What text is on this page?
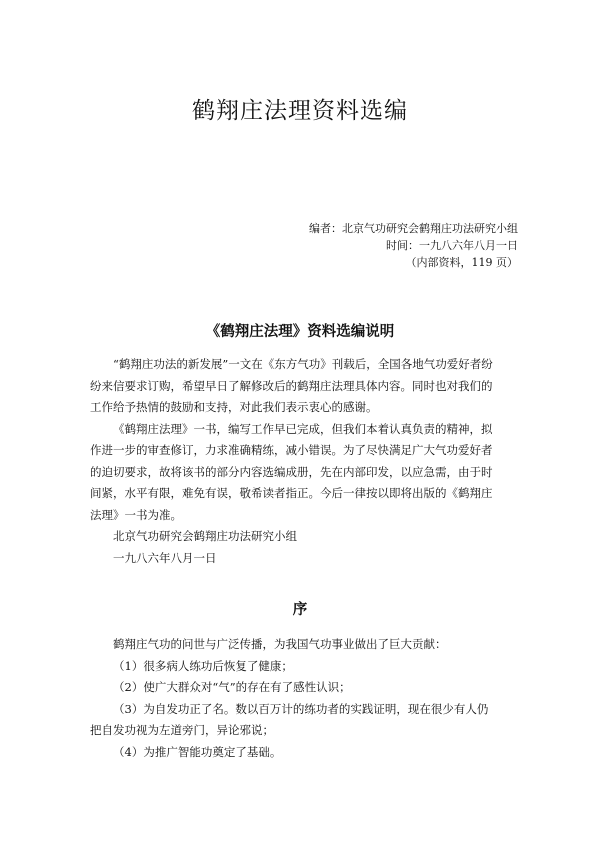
鹤翔庄法理资料选编
编者：北京气功研究会鹤翔庄功法研究小组
时间：一九八六年八月一日
（内部资料，119 页）
《鹤翔庄法理》资料选编说明
“鹤翔庄功法的新发展”一文在《东方气功》刊载后，全国各地气功爱好者纷
纷来信要求订购，希望早日了解修改后的鹤翔庄法理具体内容。同时也对我们的
工作给予热情的鼓励和支持，对此我们表示衷心的感谢。
《鹤翔庄法理》一书，编写工作早已完成，但我们本着认真负责的精神，拟
作进一步的审查修订，力求准确精练，减小错误。为了尽快满足广大气功爱好者
的迫切要求，故将该书的部分内容选编成册，先在内部印发，以应急需，由于时
间紧，水平有限，难免有误，敬希读者指正。今后一律按以即将出版的《鹤翔庄
法理》一书为准。
北京气功研究会鹤翔庄功法研究小组
一九八六年八月一日
序
鹤翔庄气功的问世与广泛传播，为我国气功事业做出了巨大贡献：
（1）很多病人练功后恢复了健康；
（2）使广大群众对“气”的存在有了感性认识；
（3）为自发功正了名。数以百万计的练功者的实践证明，现在很少有人仍
把自发功视为左道旁门，异论邪说；
（4）为推广智能功奠定了基础。
